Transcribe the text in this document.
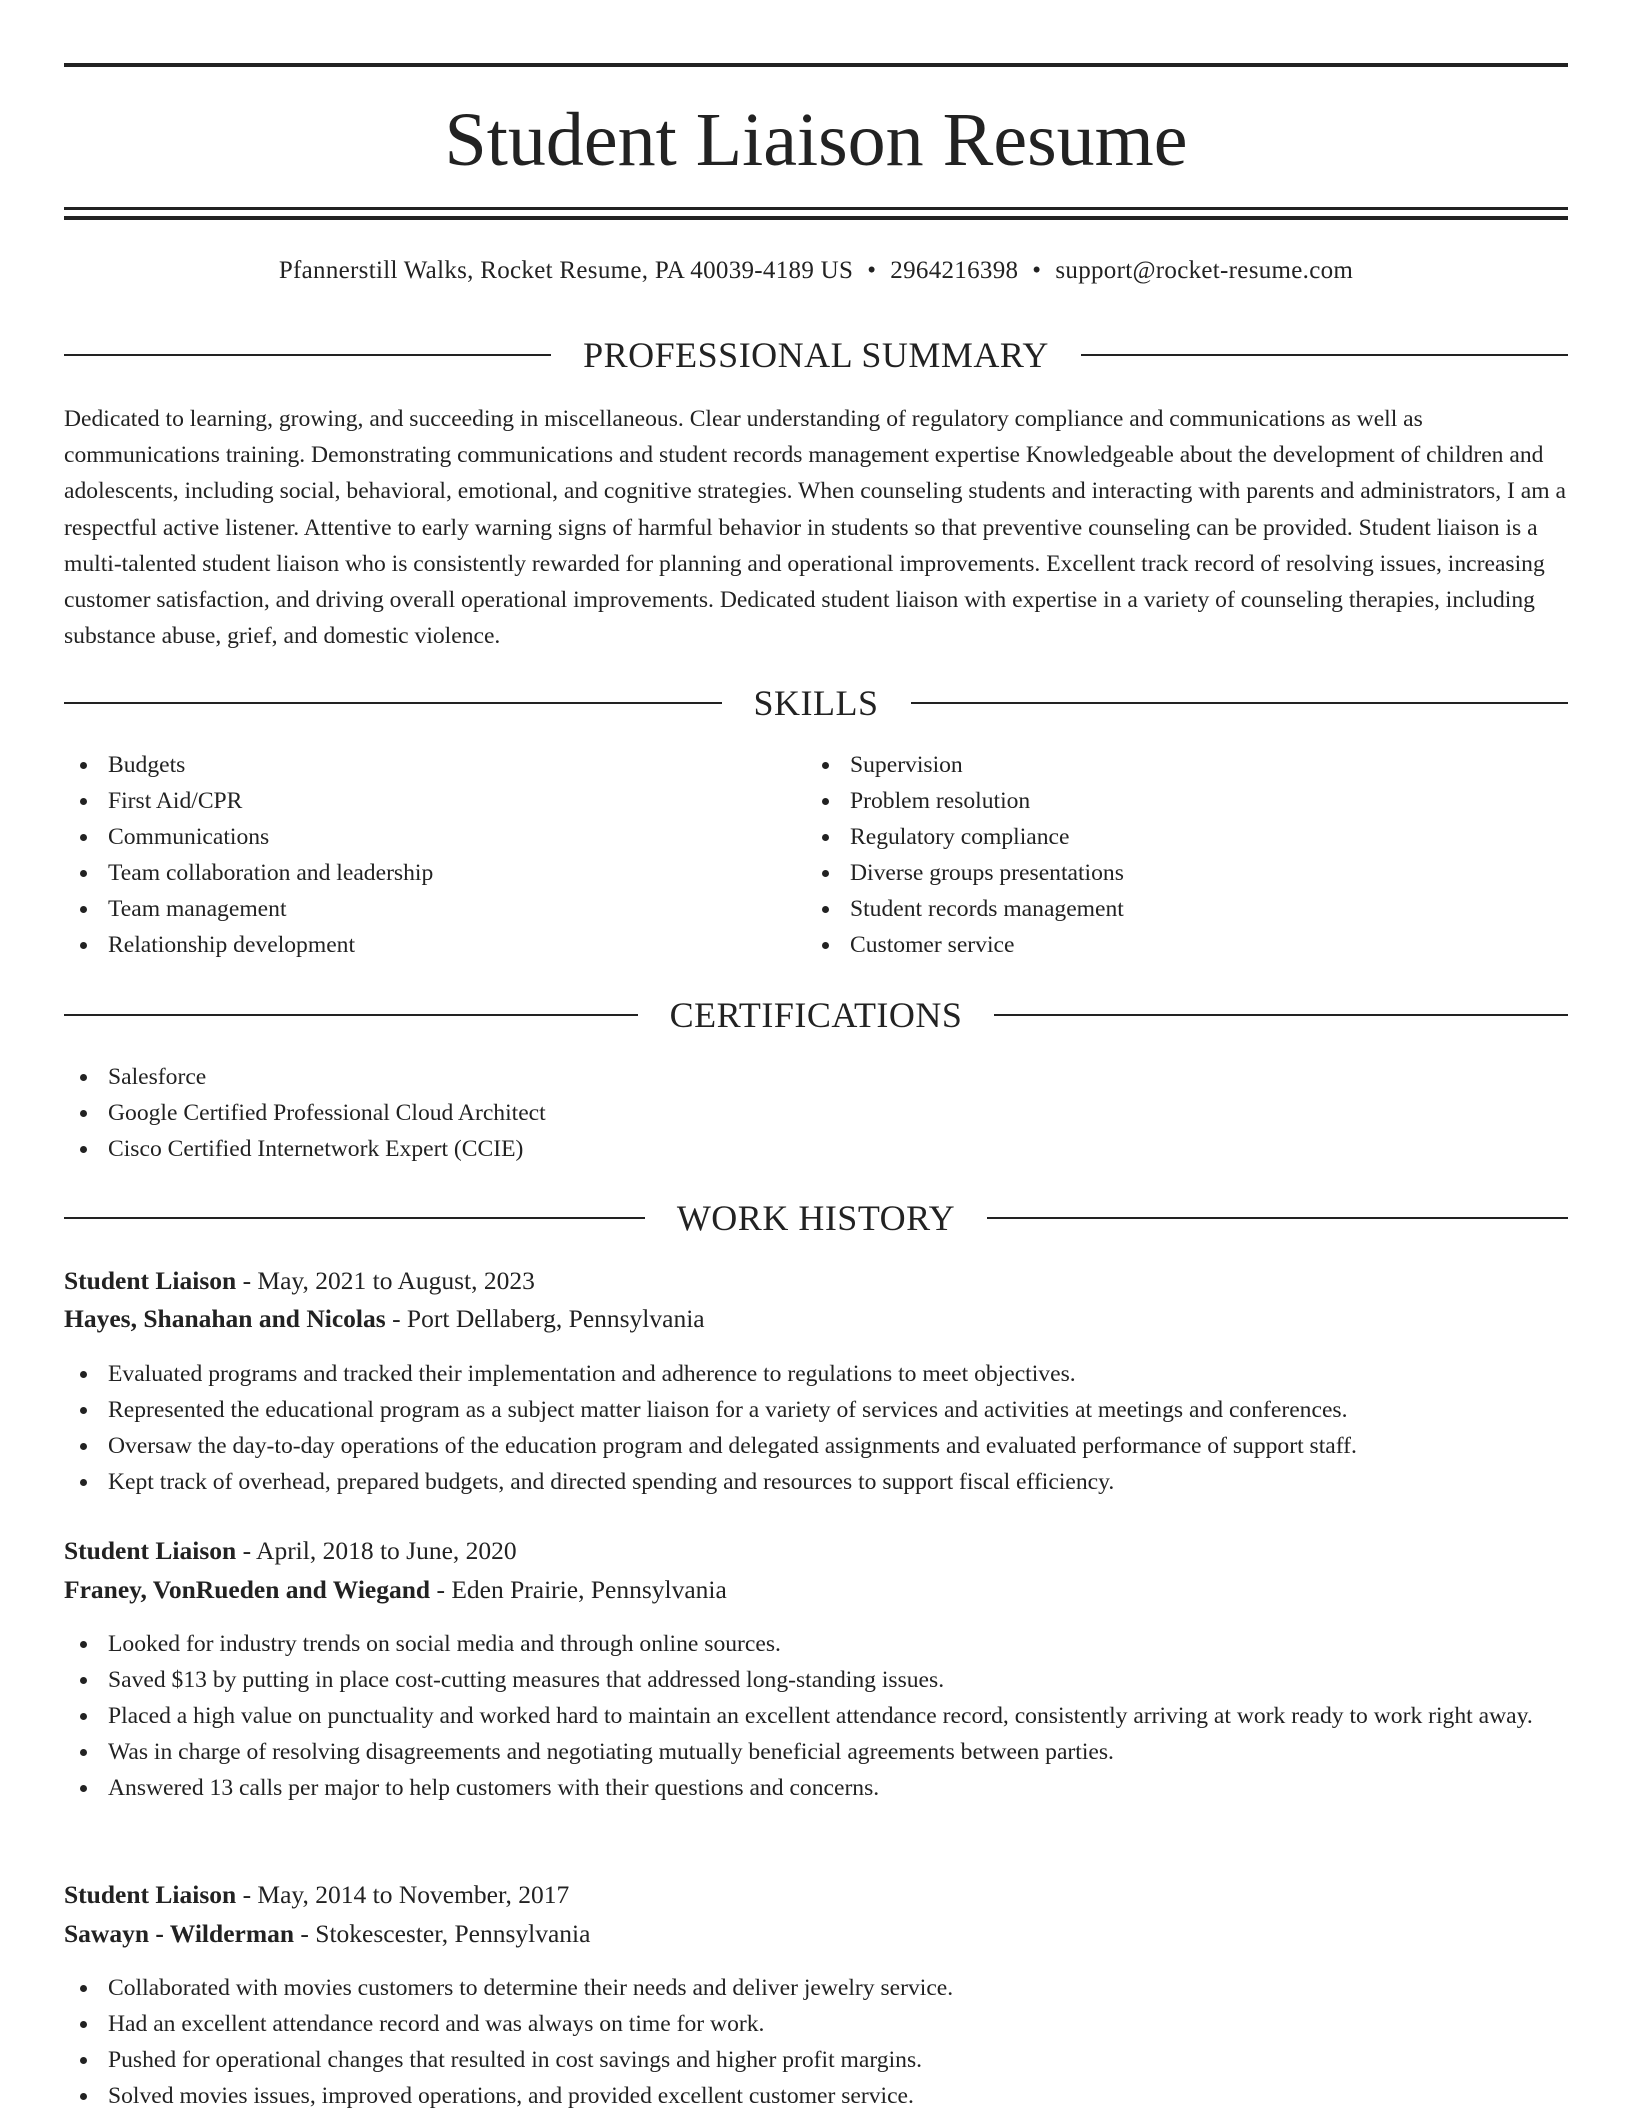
Student Liaison Resume
Pfannerstill Walks, Rocket Resume, PA 40039-4189 US • 2964216398 • support@rocket-resume.com
PROFESSIONAL SUMMARY

Dedicated to learning, growing, and succeeding in miscellaneous. Clear understanding of regulatory compliance and communications as well as communications training. Demonstrating communications and student records management expertise Knowledgeable about the development of children and adolescents, including social, behavioral, emotional, and cognitive strategies. When counseling students and interacting with parents and administrators, I am a respectful active listener. Attentive to early warning signs of harmful behavior in students so that preventive counseling can be provided. Student liaison is a multi-talented student liaison who is consistently rewarded for planning and operational improvements. Excellent track record of resolving issues, increasing customer satisfaction, and driving overall operational improvements. Dedicated student liaison with expertise in a variety of counseling therapies, including substance abuse, grief, and domestic violence.

SKILLS
Budgets
First Aid/CPR
Communications
Team collaboration and leadership
Team management
Relationship development
Supervision
Problem resolution
Regulatory compliance
Diverse groups presentations
Student records management
Customer service
CERTIFICATIONS
Salesforce
Google Certified Professional Cloud Architect
Cisco Certified Internetwork Expert (CCIE)
WORK HISTORY
Student Liaison - May, 2021 to August, 2023
Hayes, Shanahan and Nicolas - Port Dellaberg, Pennsylvania
Evaluated programs and tracked their implementation and adherence to regulations to meet objectives.
Represented the educational program as a subject matter liaison for a variety of services and activities at meetings and conferences.
Oversaw the day-to-day operations of the education program and delegated assignments and evaluated performance of support staff.
Kept track of overhead, prepared budgets, and directed spending and resources to support fiscal efficiency.
Student Liaison - April, 2018 to June, 2020
Franey, VonRueden and Wiegand - Eden Prairie, Pennsylvania
Looked for industry trends on social media and through online sources.
Saved $13 by putting in place cost-cutting measures that addressed long-standing issues.
Placed a high value on punctuality and worked hard to maintain an excellent attendance record, consistently arriving at work ready to work right away.
Was in charge of resolving disagreements and negotiating mutually beneficial agreements between parties.
Answered 13 calls per major to help customers with their questions and concerns.
Student Liaison - May, 2014 to November, 2017
Sawayn - Wilderman - Stokescester, Pennsylvania
Collaborated with movies customers to determine their needs and deliver jewelry service.
Had an excellent attendance record and was always on time for work.
Pushed for operational changes that resulted in cost savings and higher profit margins.
Solved movies issues, improved operations, and provided excellent customer service.
